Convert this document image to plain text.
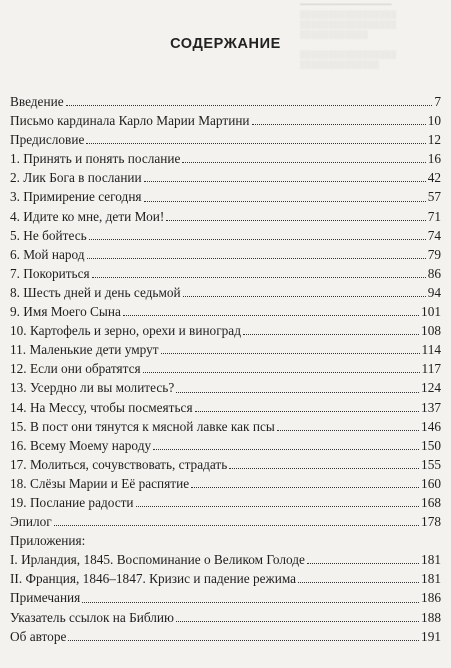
━━━━━━━━━━━━━━━━━━━
▒▒▒▒▒▒▒▒▒▒▒▒▒▒▒▒▒
▒▒▒▒▒▒▒▒▒▒▒▒▒▒▒▒▒
▒▒▒▒▒▒▒▒▒▒▒▒

▒▒▒▒▒▒▒▒▒▒▒▒▒▒▒▒▒
▒▒▒▒▒▒▒▒▒▒▒▒▒▒
СОДЕРЖАНИЕ
Введение	7
Письмо кардинала Карло Марии Мартини	10
Предисловие	12
1. Принять и понять послание	16
2. Лик Бога в послании	42
3. Примирение сегодня	57
4. Идите ко мне, дети Мои!	71
5. Не бойтесь	74
6. Мой народ	79
7. Покориться	86
8. Шесть дней и день седьмой	94
9. Имя Моего Сына	101
10. Картофель и зерно, орехи и виноград	108
11. Маленькие дети умрут	114
12. Если они обратятся	117
13. Усердно ли вы молитесь?	124
14. На Мессу, чтобы посмеяться	137
15. В пост они тянутся к мясной лавке как псы	146
16. Всему Моему народу	150
17. Молиться, сочувствовать, страдать	155
18. Слёзы Марии и Её распятие	160
19. Послание радости	168
Эпилог	178
Приложения:
I. Ирландия, 1845. Воспоминание о Великом Голоде	181
II. Франция, 1846–1847. Кризис и падение режима	181
Примечания	186
Указатель ссылок на Библию	188
Об авторе	191
